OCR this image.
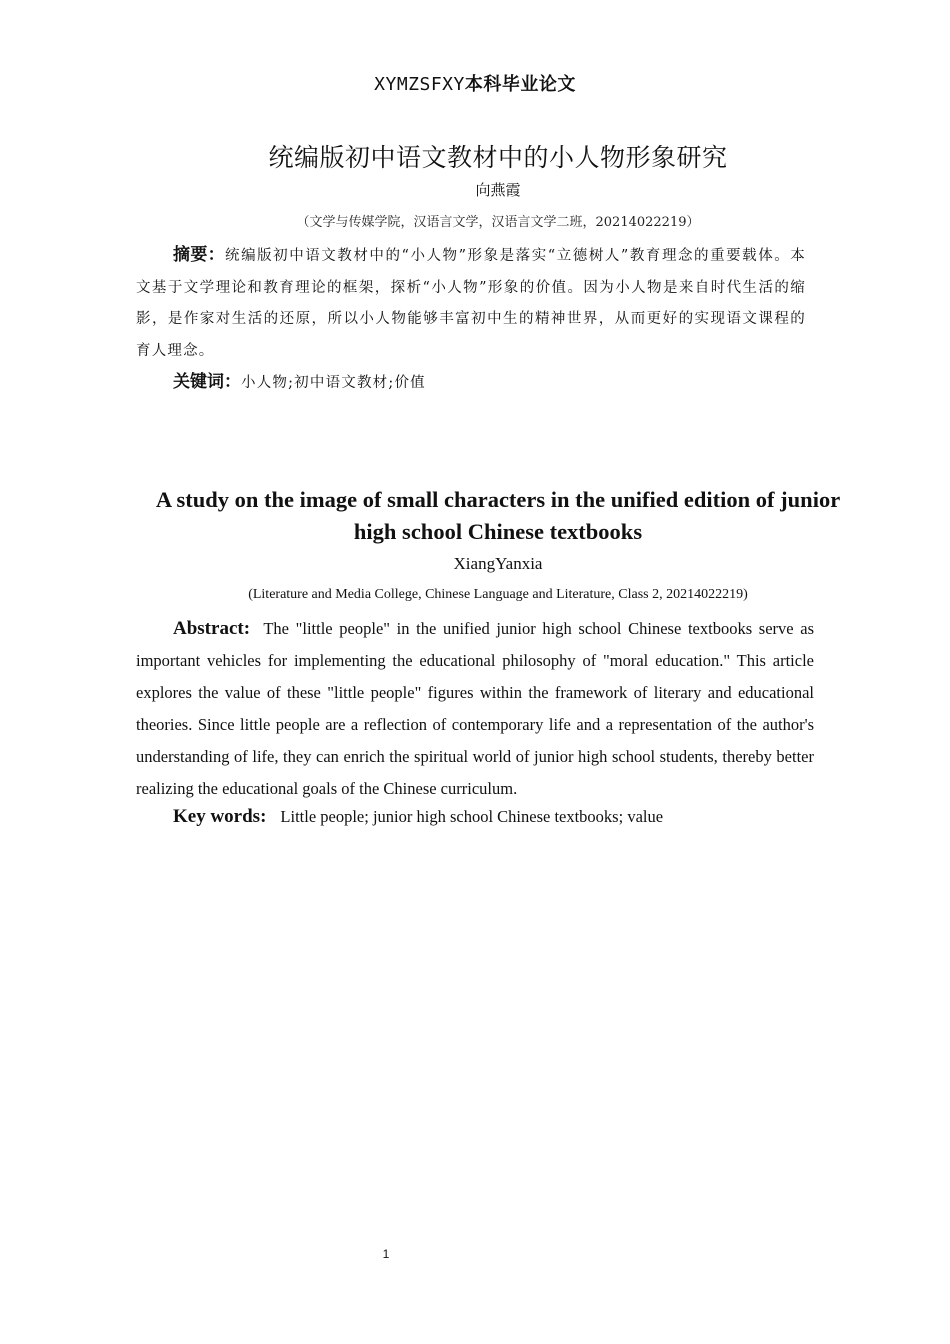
XYMZSFXY本科毕业论文
统编版初中语文教材中的小人物形象研究
向燕霞
（文学与传媒学院，汉语言文学，汉语言文学二班，20214022219）

摘要：统编版初中语文教材中的“小人物”形象是落实“立德树人”教育理念的重要载体。本文基于文学理论和教育理论的框架，探析“小人物”形象的价值。因为小人物是来自时代生活的缩影，是作家对生活的还原，所以小人物能够丰富初中生的精神世界，从而更好的实现语文课程的育人理念。

关键词：小人物;初中语文教材;价值
A study on the image of small characters in the unified edition of junior high school Chinese textbooks
XiangYanxia
(Literature and Media College, Chinese Language and Literature, Class 2, 20214022219)

Abstract: The "little people" in the unified junior high school Chinese textbooks serve as important vehicles for implementing the educational philosophy of "moral education." This article explores the value of these "little people" figures within the framework of literary and educational theories. Since little people are a reflection of contemporary life and a representation of the author's understanding of life, they can enrich the spiritual world of junior high school students, thereby better realizing the educational goals of the Chinese curriculum.

Key words: Little people; junior high school Chinese textbooks; value
1
